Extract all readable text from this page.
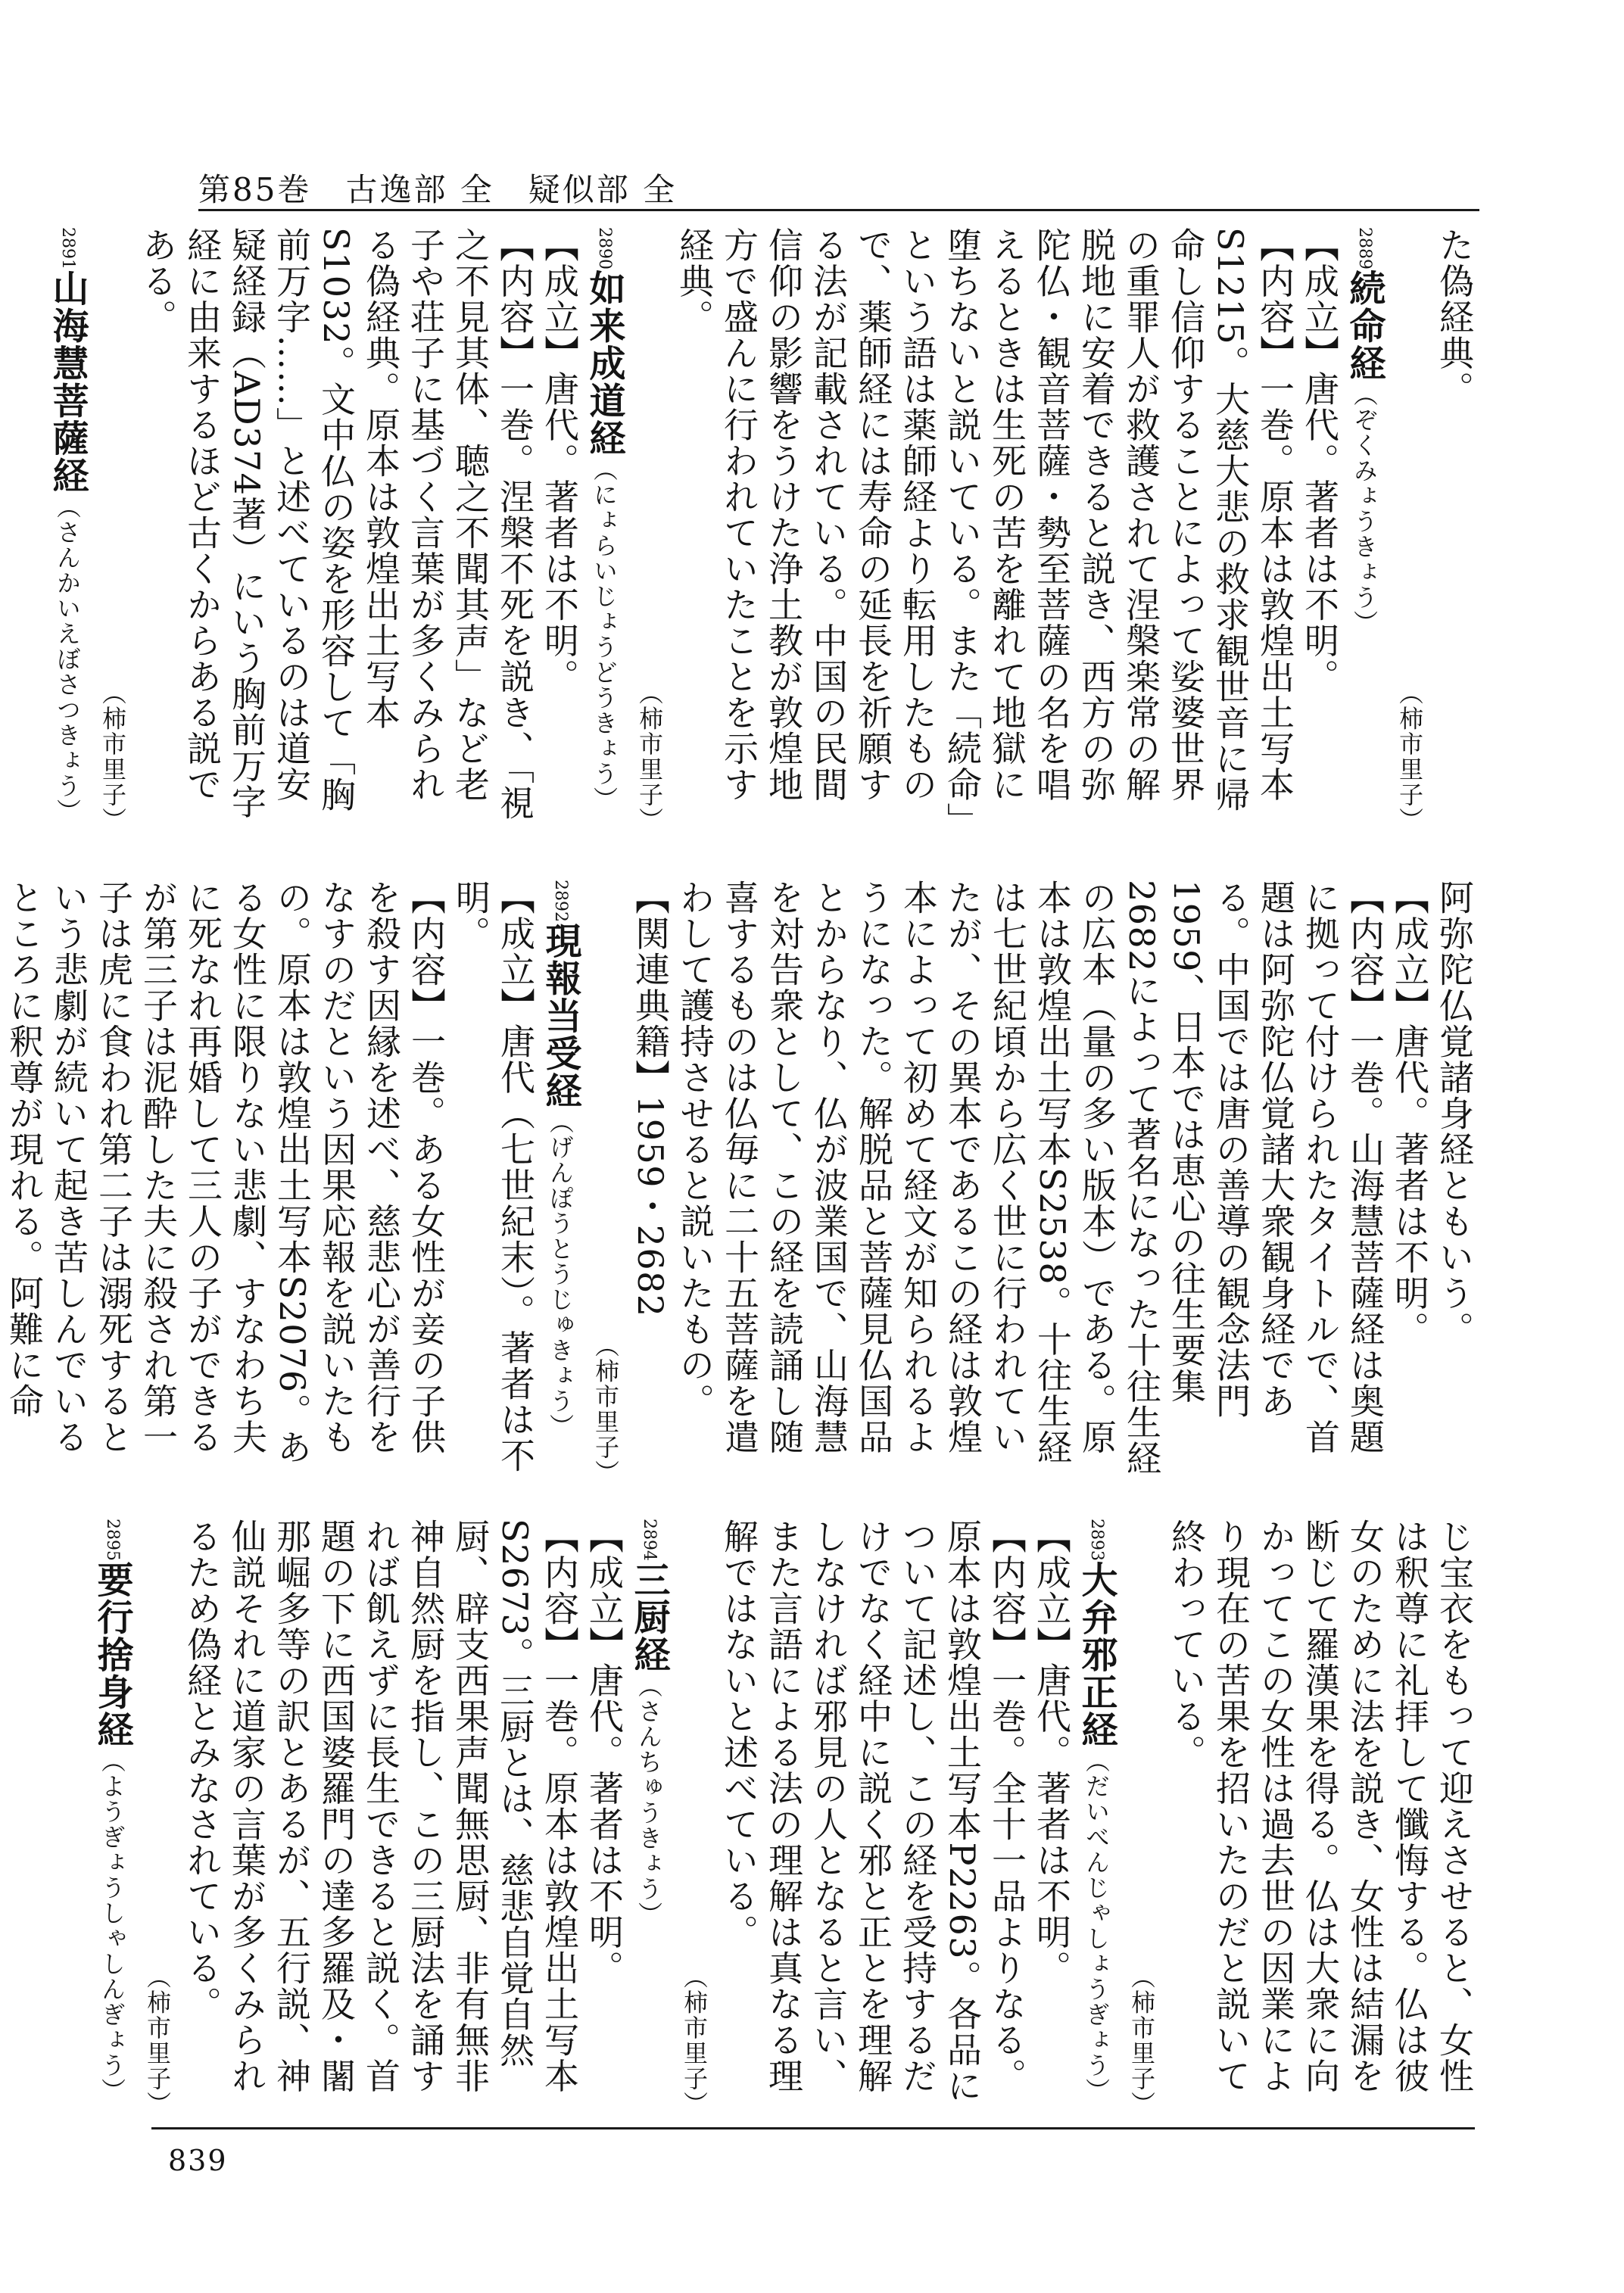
第85巻　古逸部 全　疑似部 全

た偽経典。

（柿市里子）

2889続命経（ぞくみょうきょう）

【成立】唐代。著者は不明。

【内容】一巻。原本は敦煌出土写本S1215。大慈大悲の救求観世音に帰命し信仰することによって娑婆世界の重罪人が救護されて涅槃楽常の解脱地に安着できると説き、西方の弥陀仏・観音菩薩・勢至菩薩の名を唱えるときは生死の苦を離れて地獄に堕ちないと説いている。また「続命」という語は薬師経より転用したもので、薬師経には寿命の延長を祈願する法が記載されている。中国の民間信仰の影響をうけた浄土教が敦煌地方で盛んに行われていたことを示す経典。

（柿市里子）

2890如来成道経（にょらいじょうどうきょう）

【成立】唐代。著者は不明。

【内容】一巻。涅槃不死を説き、「視之不見其体、聴之不聞其声」など老子や荘子に基づく言葉が多くみられる偽経典。原本は敦煌出土写本S1032。文中仏の姿を形容して「胸前万字……」と述べているのは道安疑経録（AD374著）にいう胸前万字経に由来するほど古くからある説である。

（柿市里子）

2891山海慧菩薩経（さんかいえぼさつきょう）

阿弥陀仏覚諸身経ともいう。

【成立】唐代。著者は不明。

【内容】一巻。山海慧菩薩経は奥題に拠って付けられたタイトルで、首題は阿弥陀仏覚諸大衆観身経である。中国では唐の善導の観念法門1959、日本では恵心の往生要集2682によって著名になった十往生経の広本（量の多い版本）である。原本は敦煌出土写本S2538。十往生経は七世紀頃から広く世に行われていたが、その異本であるこの経は敦煌本によって初めて経文が知られるようになった。解脱品と菩薩見仏国品とからなり、仏が波業国で、山海慧を対告衆として、この経を読誦し随喜するものは仏毎に二十五菩薩を遣わして護持させると説いたもの。

【関連典籍】1959・2682

（柿市里子）

2892現報当受経（げんぽうとうじゅきょう）

【成立】唐代（七世紀末）。著者は不明。

【内容】一巻。ある女性が妾の子供を殺す因縁を述べ、慈悲心が善行をなすのだという因果応報を説いたもの。原本は敦煌出土写本S2076。ある女性に限りない悲劇、すなわち夫に死なれ再婚して三人の子ができるが第三子は泥酔した夫に殺され第一子は虎に食われ第二子は溺死するという悲劇が続いて起き苦しんでいるところに釈尊が現れる。阿難に命

じ宝衣をもって迎えさせると、女性は釈尊に礼拝して懺悔する。仏は彼女のために法を説き、女性は結漏を断じて羅漢果を得る。仏は大衆に向かってこの女性は過去世の因業により現在の苦果を招いたのだと説いて終わっている。

（柿市里子）

2893大弁邪正経（だいべんじゃしょうぎょう）

【成立】唐代。著者は不明。

【内容】一巻。全十一品よりなる。原本は敦煌出土写本P2263。各品について記述し、この経を受持するだけでなく経中に説く邪と正とを理解しなければ邪見の人となると言い、また言語による法の理解は真なる理解ではないと述べている。

（柿市里子）

2894三厨経（さんちゅうきょう）

【成立】唐代。著者は不明。

【内容】一巻。原本は敦煌出土写本S2673。三厨とは、慈悲自覚自然厨、辟支西果声聞無思厨、非有無非神自然厨を指し、この三厨法を誦すれば飢えずに長生できると説く。首題の下に西国婆羅門の達多羅及・闍那崛多等の訳とあるが、五行説、神仙説それに道家の言葉が多くみられるため偽経とみなされている。

（柿市里子）

2895要行捨身経（ようぎょうしゃしんぎょう）

839
